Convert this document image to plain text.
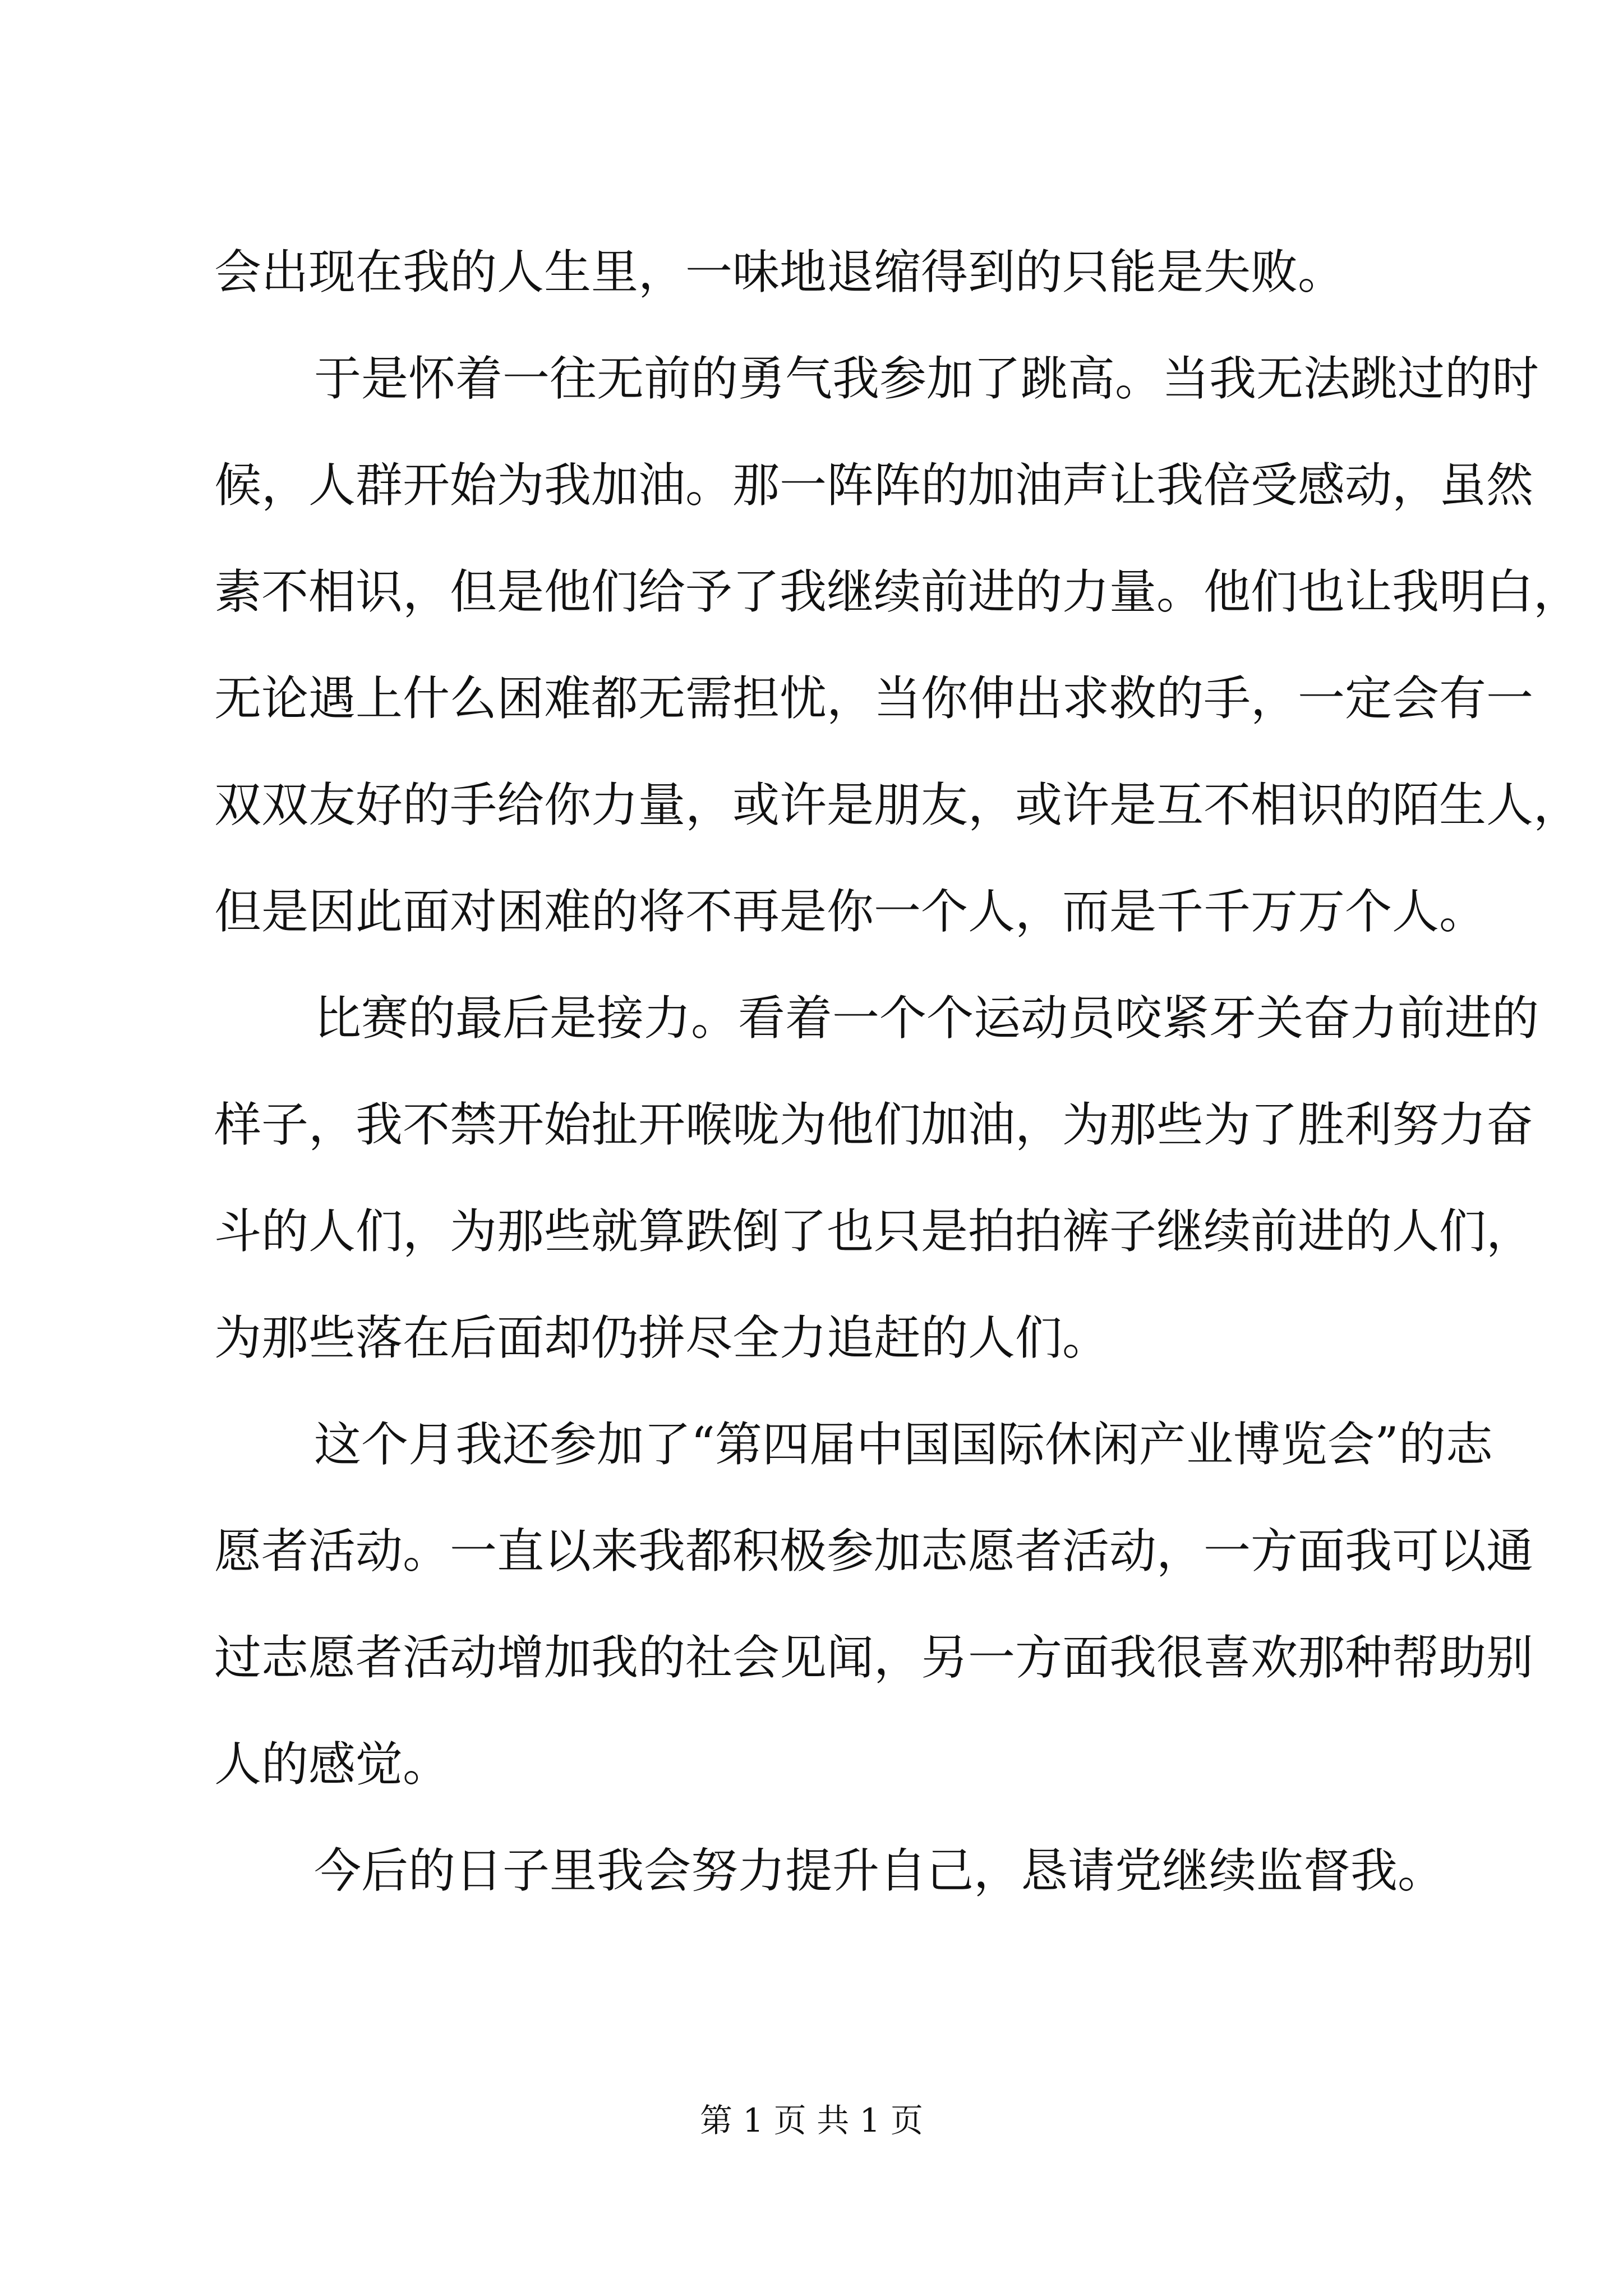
会出现在我的人生里，一味地退缩得到的只能是失败。
于是怀着一往无前的勇气我参加了跳高。当我无法跳过的时
候，人群开始为我加油。那一阵阵的加油声让我倍受感动，虽然
素不相识，但是他们给予了我继续前进的力量。他们也让我明白，
无论遇上什么困难都无需担忧，当你伸出求救的手，一定会有一
双双友好的手给你力量，或许是朋友，或许是互不相识的陌生人，
但是因此面对困难的将不再是你一个人，而是千千万万个人。
比赛的最后是接力。看着一个个运动员咬紧牙关奋力前进的
样子，我不禁开始扯开喉咙为他们加油，为那些为了胜利努力奋
斗的人们，为那些就算跌倒了也只是拍拍裤子继续前进的人们，
为那些落在后面却仍拼尽全力追赶的人们。
这个月我还参加了“第四届中国国际休闲产业博览会”的志
愿者活动。一直以来我都积极参加志愿者活动，一方面我可以通
过志愿者活动增加我的社会见闻，另一方面我很喜欢那种帮助别
人的感觉。
今后的日子里我会努力提升自己，恳请党继续监督我。
第 1 页 共 1 页
